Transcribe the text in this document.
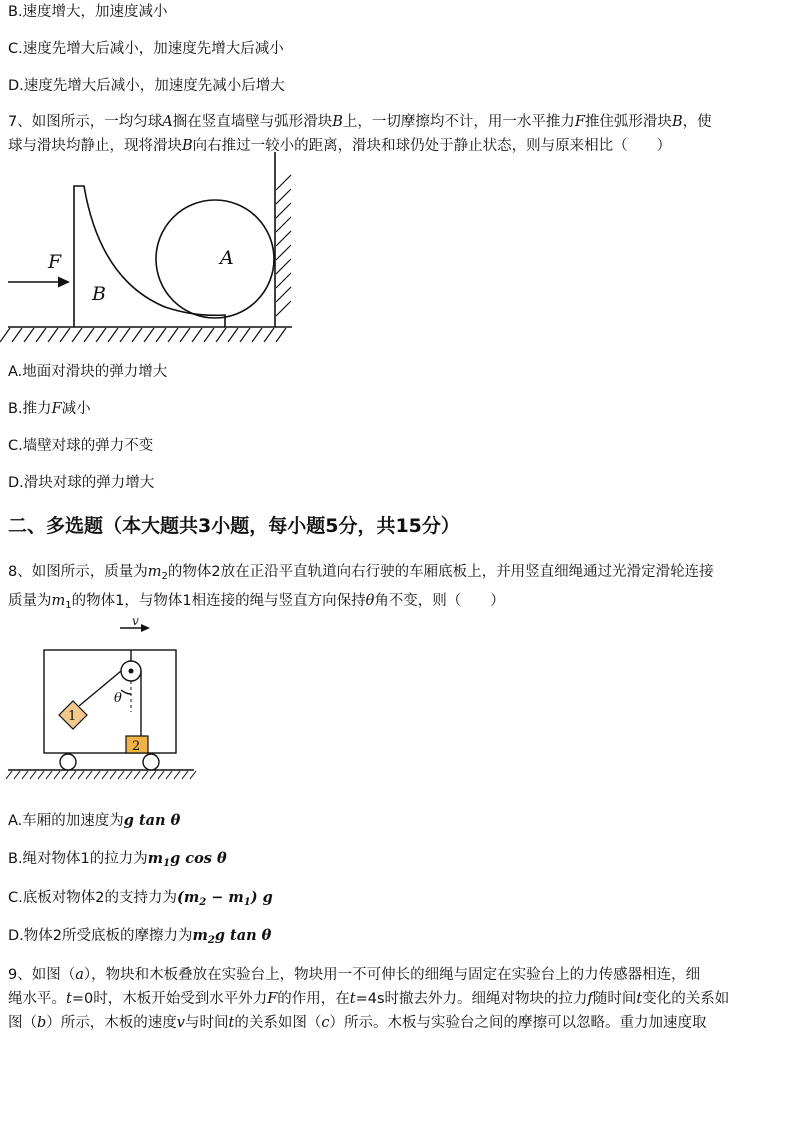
B.速度增大，加速度减小
C.速度先增大后减小，加速度先增大后减小
D.速度先增大后减小，加速度先减小后增大
7、如图所示，一均匀球A搁在竖直墙壁与弧形滑块B上，一切摩擦均不计，用一水平推力F推住弧形滑块B，使
球与滑块均静止，现将滑块B向右推过一较小的距离，滑块和球仍处于静止状态，则与原来相比（　　）
F
B
A
A.地面对滑块的弹力增大
B.推力F减小
C.墙壁对球的弹力不变
D.滑块对球的弹力增大
二、多选题（本大题共3小题，每小题5分，共15分）
8、如图所示，质量为$m_2$的物体2放在正沿平直轨道向右行驶的车厢底板上，并用竖直细绳通过光滑定滑轮连接
质量为$m_1$的物体1，与物体1相连接的绳与竖直方向保持θ角不变，则（　　）
v
θ
1
2
A.车厢的加速度为g tan θ
B.绳对物体1的拉力为$m_1g$ cos θ
C.底板对物体2的支持力为$(m_2 - m_1)$ g
D.物体2所受底板的摩擦力为$m_2g$ tan θ
9、如图（a），物块和木板叠放在实验台上，物块用一不可伸长的细绳与固定在实验台上的力传感器相连，细
绳水平。t=0时，木板开始受到水平外力F的作用，在t=4s时撤去外力。细绳对物块的拉力f随时间t变化的关系如
图（b）所示，木板的速度v与时间t的关系如图（c）所示。木板与实验台之间的摩擦可以忽略。重力加速度取
